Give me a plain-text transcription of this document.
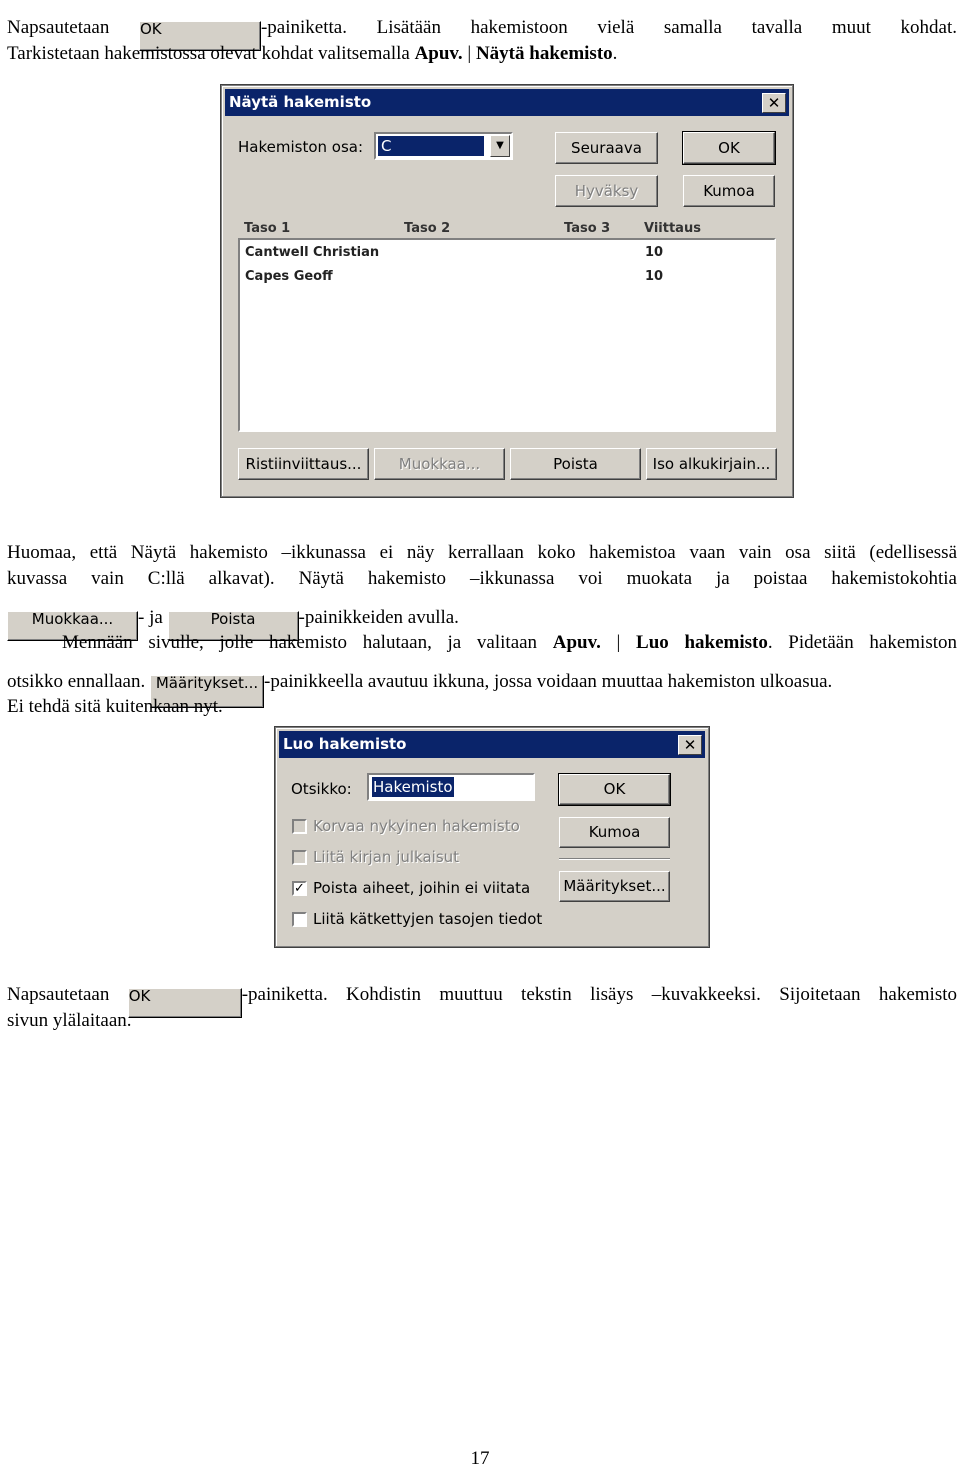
Napsautetaan OK	-painiketta. Lisätään hakemistoon vielä samalla tavalla muut kohdat.
Tarkistetaan hakemistossa olevat kohdat valitsemalla Apuv. | Näytä hakemisto.
Näytä hakemisto	✕
Hakemiston osa: C	▼	Seuraava	OK
Hyväksy	Kumoa
Taso 1	Taso 2	Taso 3	Viittaus
Cantwell Christian	10
Capes Geoff	10
Ristiinviittaus...	Muokkaa...	Poista	Iso alkukirjain...
Huomaa, että Näytä hakemisto –ikkunassa ei näy kerrallaan koko hakemistoa vaan vain osa siitä (edellisessä
kuvassa vain C:llä alkavat). Näytä hakemisto –ikkunassa voi muokata ja poistaa hakemistokohtia
Muokkaa... - ja	Poista -painikkeiden avulla.
Mennään sivulle, jolle hakemisto halutaan, ja valitaan Apuv. | Luo hakemisto. Pidetään hakemiston
otsikko ennallaan. Määritykset... -painikkeella avautuu ikkuna, jossa voidaan muuttaa hakemiston ulkoasua.
Ei tehdä sitä kuitenkaan nyt.
Luo hakemisto	✕
Otsikko: Hakemisto	OK
Kumoa
Määritykset...
Korvaa nykyinen hakemisto
Liitä kirjan julkaisut
✓ Poista aiheet, joihin ei viitata
Liitä kätkettyjen tasojen tiedot
Napsautetaan OK	-painiketta. Kohdistin muuttuu tekstin lisäys –kuvakkeeksi. Sijoitetaan hakemisto
sivun ylälaitaan.
17
